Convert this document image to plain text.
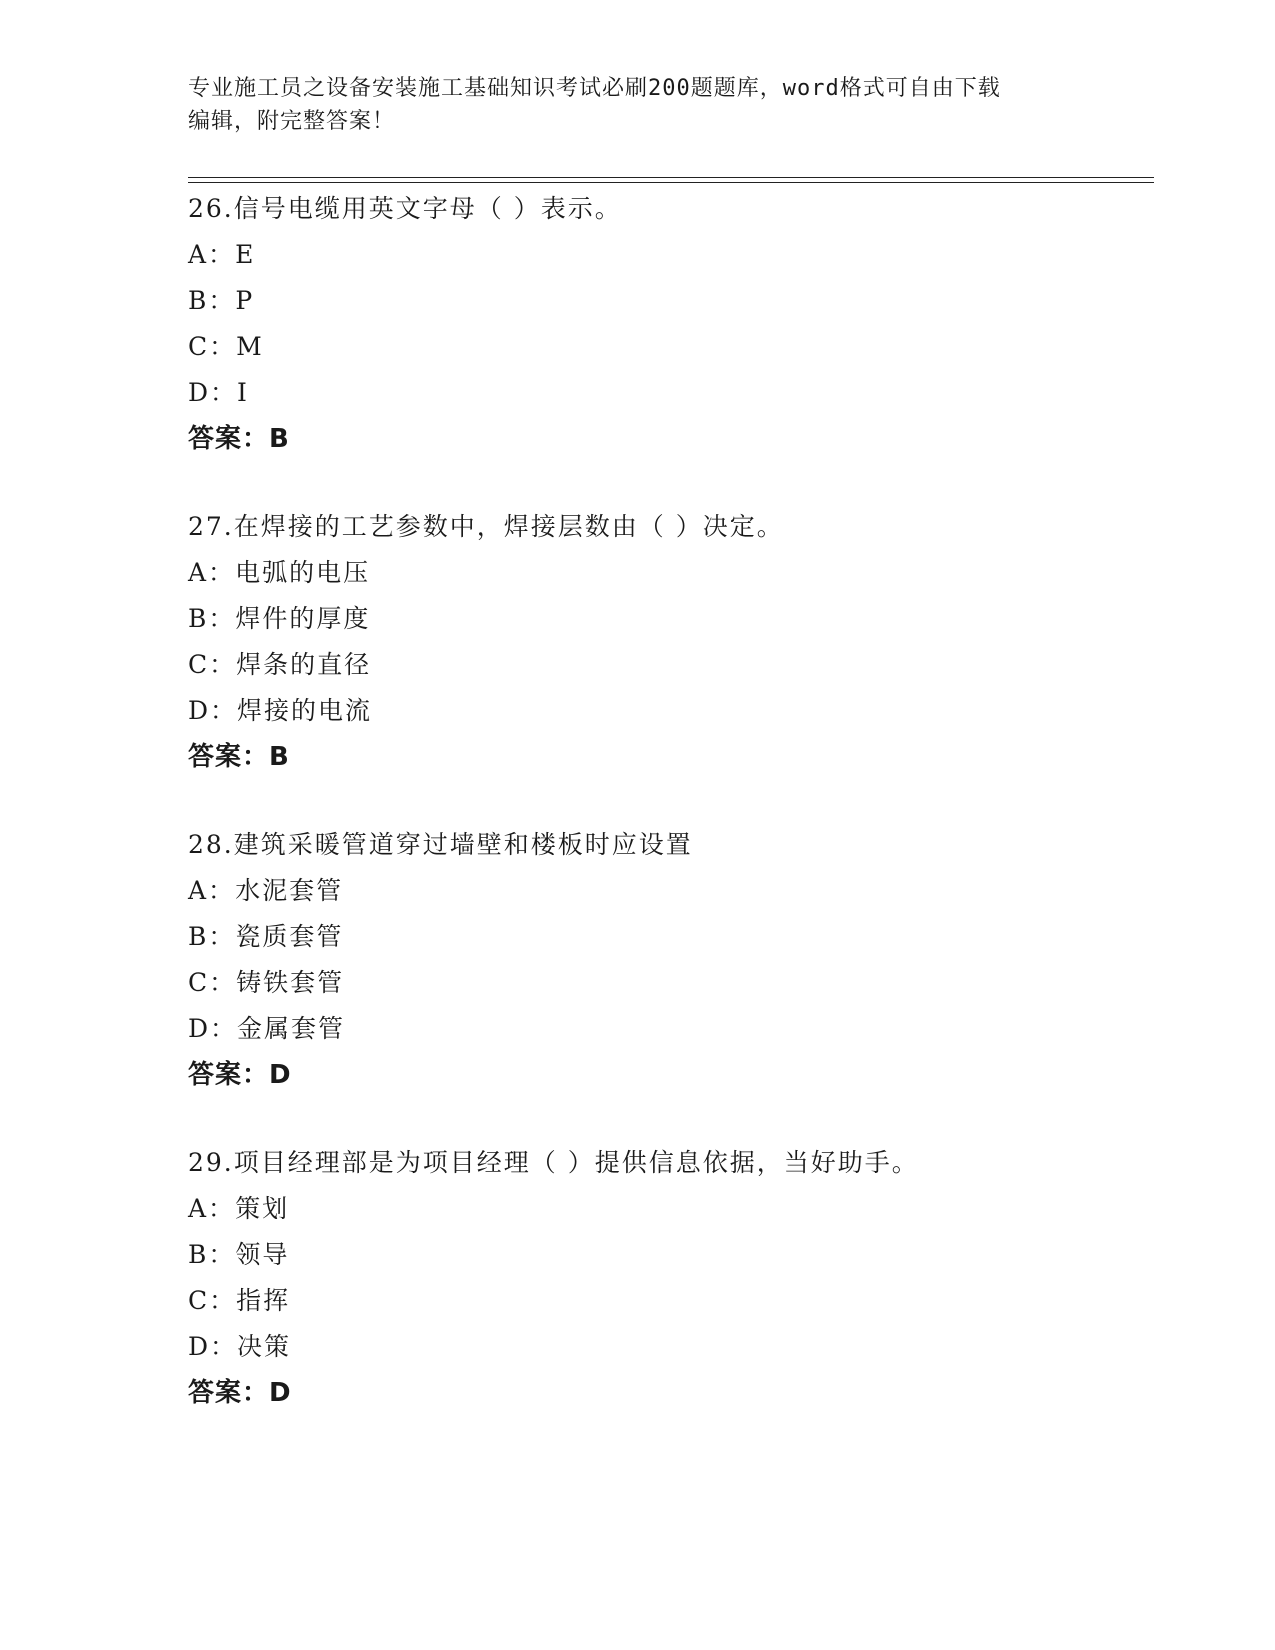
专业施工员之设备安装施工基础知识考试必刷200题题库，word格式可自由下载
编辑，附完整答案！
26.信号电缆用英文字母（ ）表示。
A：E
B：P
C：M
D：I
答案：B
27.在焊接的工艺参数中，焊接层数由（ ）决定。
A：电弧的电压
B：焊件的厚度
C：焊条的直径
D：焊接的电流
答案：B
28.建筑采暖管道穿过墙壁和楼板时应设置
A：水泥套管
B：瓷质套管
C：铸铁套管
D：金属套管
答案：D
29.项目经理部是为项目经理（ ）提供信息依据，当好助手。
A：策划
B：领导
C：指挥
D：决策
答案：D
